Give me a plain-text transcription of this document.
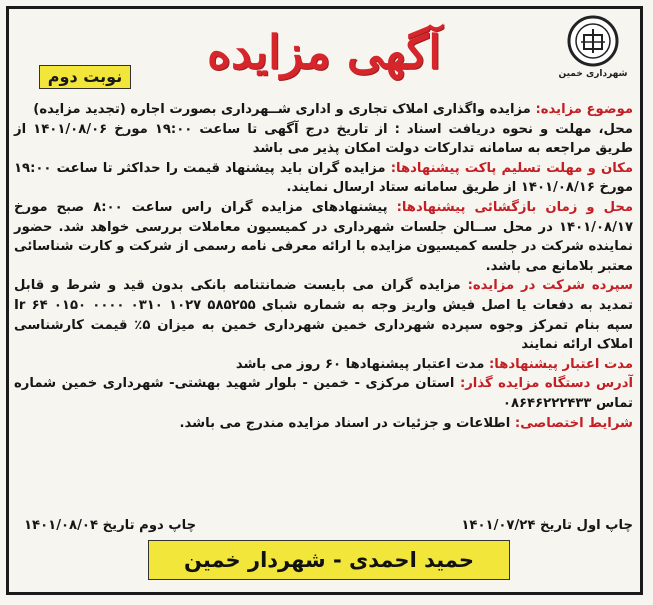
شهرداری خمین
آگهی مزایده
نوبت دوم

موضوع مزایده: مزایده واگذاری املاک تجاری و اداری شــهرداری بصورت اجاره (تجدید مزایده)

محل، مهلت و نحوه دریافت اسناد : از تاریخ درج آگهی تا ساعت ۱۹:۰۰ مورخ ۱۴۰۱/۰۸/۰۶ از طریق مراجعه به سامانه تدارکات دولت امکان پذیر می باشد

مکان و مهلت تسلیم پاکت پیشنهادها: مزایده گران باید پیشنهاد قیمت را حداکثر تا ساعت ۱۹:۰۰ مورخ ۱۴۰۱/۰۸/۱۶ از طریق سامانه ستاد ارسال نمایند.

محل و زمان بازگشائی پیشنهادها: پیشنهادهای مزایده گران راس ساعت ۸:۰۰ صبح مورخ ۱۴۰۱/۰۸/۱۷ در محل ســالن جلسات شهرداری در کمیسیون معاملات بررسی خواهد شد. حضور نماینده شرکت در جلسه کمیسیون مزایده با ارائه معرفی نامه رسمی از شرکت و کارت شناسائی معتبر بلامانع می باشد.

سپرده شرکت در مزایده: مزایده گران می بایست ضمانتنامه بانکی بدون قید و شرط و قابل تمدید به دفعات یا اصل فیش واریز وجه به شماره شبای Ir ۶۴ ۰۱۵۰ ۰۰۰۰ ۰۳۱۰ ۱۰۲۷ ۵۸۵۲۵۵ سپه بنام تمرکز وجوه سپرده شهرداری خمین شهرداری خمین به میزان ۵٪ قیمت کارشناسی املاک ارائه نمایند

مدت اعتبار پیشنهادها: مدت اعتبار پیشنهادها ۶۰ روز می باشد

آدرس دستگاه مزایده گذار: استان مرکزی - خمین - بلوار شهید بهشتی- شهرداری خمین شماره تماس ۰۸۶۴۶۲۲۲۴۳۳

شرایط اختصاصی: اطلاعات و جزئیات در اسناد مزایده مندرج می باشد.

چاپ اول تاریخ ۱۴۰۱/۰۷/۲۴
چاپ دوم تاریخ ۱۴۰۱/۰۸/۰۴
حمید احمدی - شهردار خمین
